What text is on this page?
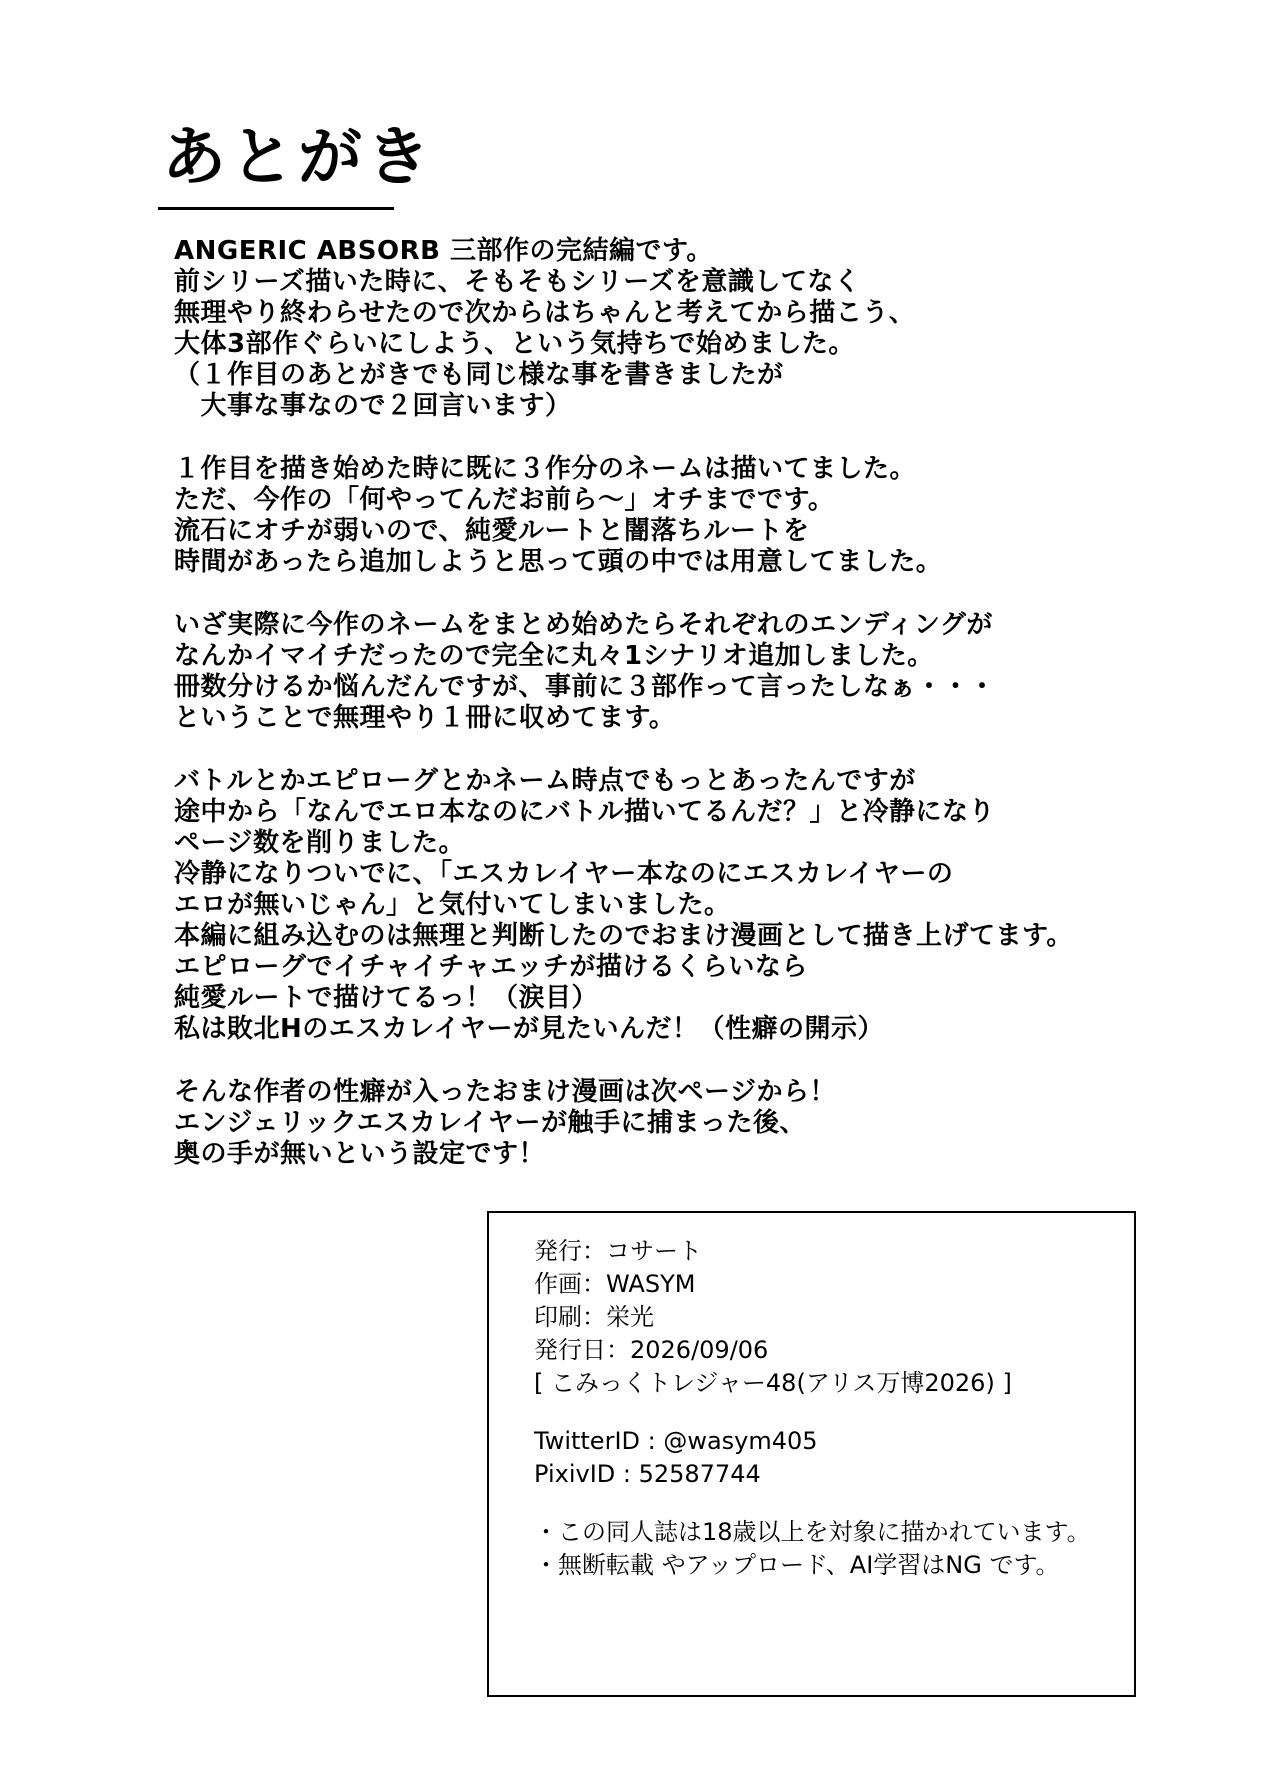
あとがき
ANGERIC ABSORB 三部作の完結編です。
前シリーズ描いた時に、そもそもシリーズを意識してなく
無理やり終わらせたので次からはちゃんと考えてから描こう、
大体3部作ぐらいにしよう、という気持ちで始めました。
（１作目のあとがきでも同じ様な事を書きましたが
　大事な事なので２回言います）
１作目を描き始めた時に既に３作分のネームは描いてました。
ただ、今作の「何やってんだお前ら～」オチまでです。
流石にオチが弱いので、純愛ルートと闇落ちルートを
時間があったら追加しようと思って頭の中では用意してました。
いざ実際に今作のネームをまとめ始めたらそれぞれのエンディングが
なんかイマイチだったので完全に丸々1シナリオ追加しました。
冊数分けるか悩んだんですが、事前に３部作って言ったしなぁ・・・
ということで無理やり１冊に収めてます。
バトルとかエピローグとかネーム時点でもっとあったんですが
途中から「なんでエロ本なのにバトル描いてるんだ？」と冷静になり
ページ数を削りました。
冷静になりついでに、「エスカレイヤー本なのにエスカレイヤーの
エロが無いじゃん」と気付いてしまいました。
本編に組み込むのは無理と判断したのでおまけ漫画として描き上げてます。
エピローグでイチャイチャエッチが描けるくらいなら
純愛ルートで描けてるっ！（涙目）
私は敗北Hのエスカレイヤーが見たいんだ！（性癖の開示）
そんな作者の性癖が入ったおまけ漫画は次ページから！
エンジェリックエスカレイヤーが触手に捕まった後、
奥の手が無いという設定です！
発行：コサート
作画：WASYM
印刷：栄光
発行日：2026/09/06
[ こみっくトレジャー48(アリス万博2026) ]
TwitterID : @wasym405
PixivID : 52587744
・この同人誌は18歳以上を対象に描かれています。
・無断転載 やアップロード、AI学習はNG です。
